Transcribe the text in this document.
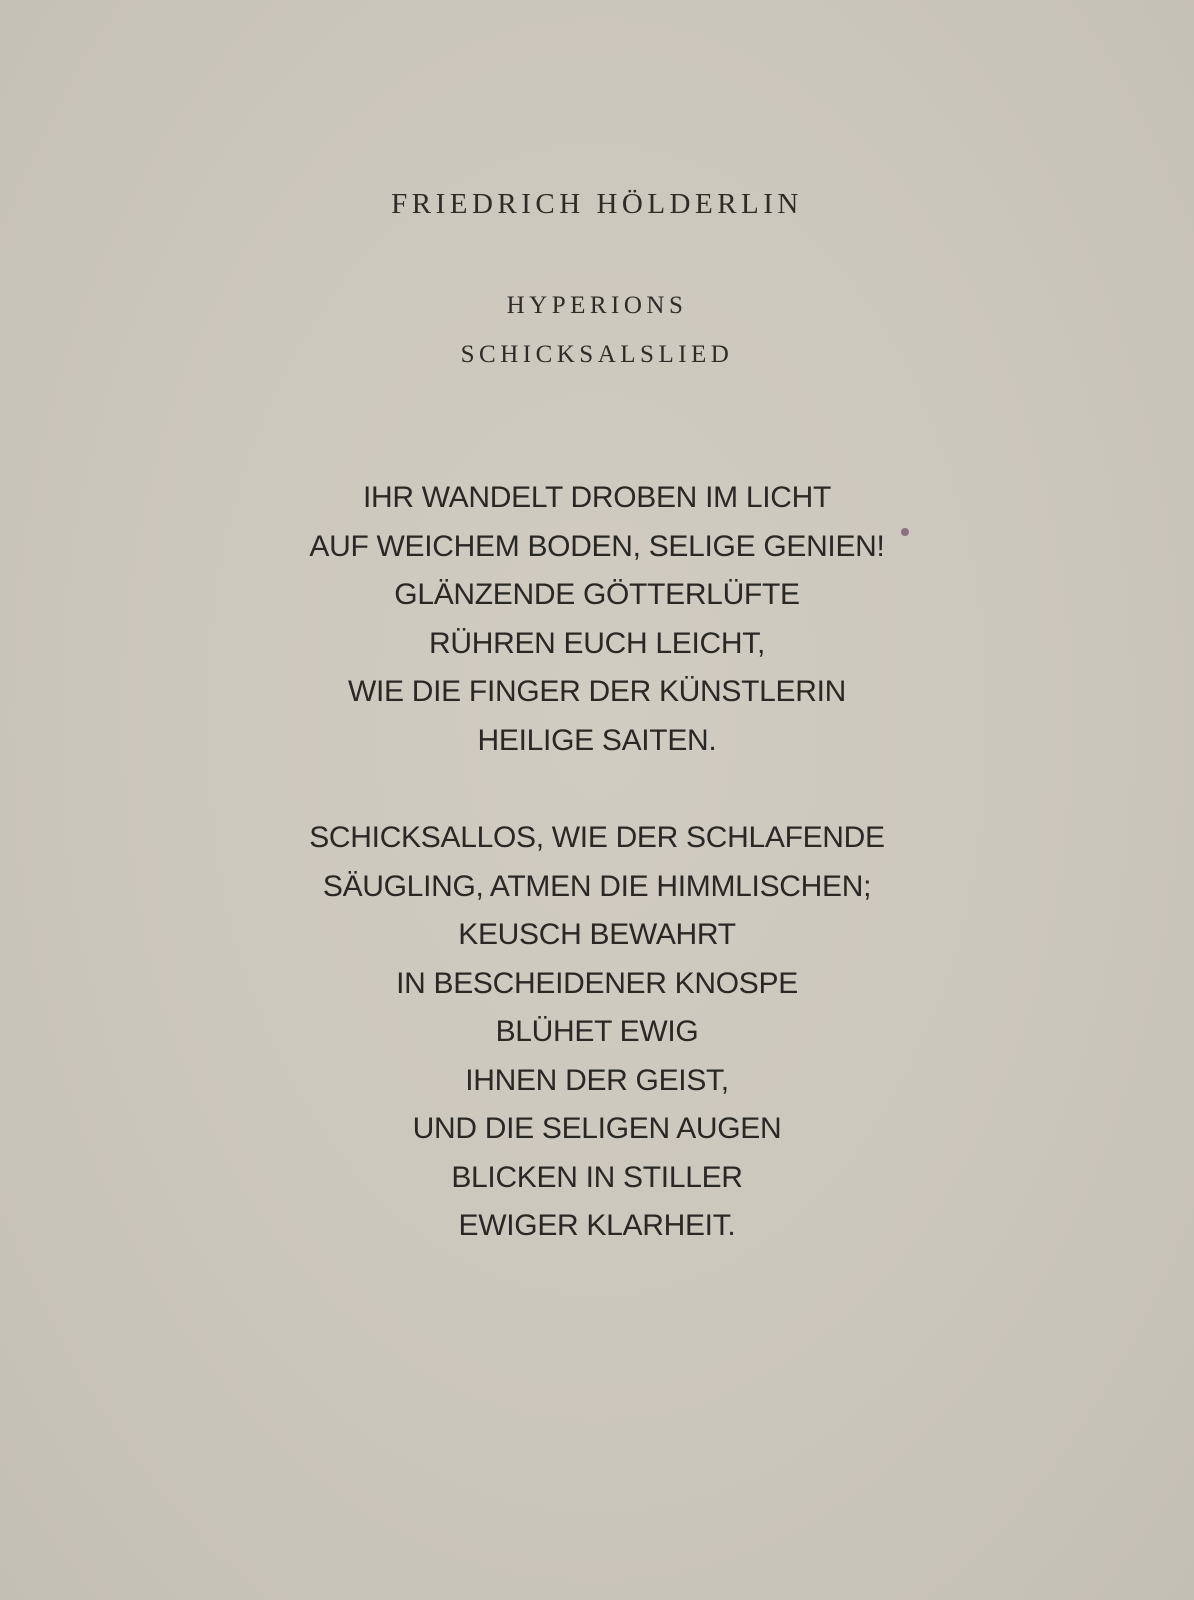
FRIEDRICH HÖLDERLIN
HYPERIONS
SCHICKSALSLIED
IHR WANDELT DROBEN IM LICHT
AUF WEICHEM BODEN, SELIGE GENIEN!
GLÄNZENDE GÖTTERLÜFTE
RÜHREN EUCH LEICHT,
WIE DIE FINGER DER KÜNSTLERIN
HEILIGE SAITEN.
SCHICKSALLOS, WIE DER SCHLAFENDE
SÄUGLING, ATMEN DIE HIMMLISCHEN;
KEUSCH BEWAHRT
IN BESCHEIDENER KNOSPE
BLÜHET EWIG
IHNEN DER GEIST,
UND DIE SELIGEN AUGEN
BLICKEN IN STILLER
EWIGER KLARHEIT.
